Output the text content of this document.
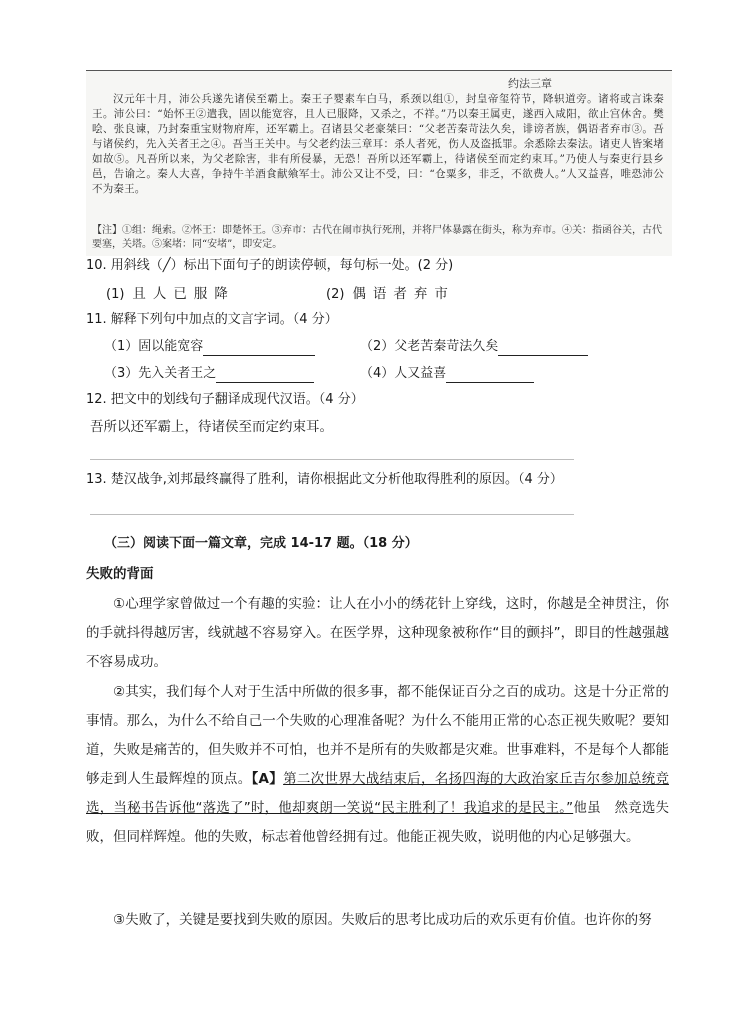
约法三章
汉元年十月，沛公兵遂先诸侯至霸上。秦王子婴素车白马，系颈以组①，封皇帝玺符节，降轵道旁。诸将或言诛秦王。沛公曰：“始怀王②遣我，固以能宽容，且人已服降，又杀之，不祥。”乃以秦王属吏，遂西入咸阳，欲止宫休舍。樊哙、张良谏，乃封秦重宝财物府库，还军霸上。召诸县父老豪桀曰：“父老苦秦苛法久矣，诽谤者族，偶语者弃市③。吾与诸侯约，先入关者王之④。吾当王关中。与父老约法三章耳：杀人者死，伤人及盗抵罪。余悉除去秦法。诸吏人皆案堵如故⑤。凡吾所以来，为父老除害，非有所侵暴，无恐！吾所以还军霸上，待诸侯至而定约束耳。”乃使人与秦吏行县乡邑，告谕之。秦人大喜，争持牛羊酒食献飨军士。沛公又让不受，曰：“仓粟多，非乏，不欲费人。”人又益喜，唯恐沛公不为秦王。
【注】①组：绳索。②怀王：即楚怀王。③弃市：古代在闹市执行死刑，并将尸体暴露在街头，称为弃市。④关：指函谷关，古代要塞，关塔。⑤案堵：同“安堵”，即安定。
10. 用斜线（╱）标出下面句子的朗读停顿，每句标一处。(2 分)
(1) 且人已服降	(2) 偶语者弃市
11. 解释下列句中加点的文言字词。（4 分）
（1）固以能宽容	（2）父老苦秦苛法久矣
（3）先入关者王之	（4）人又益喜
12. 把文中的划线句子翻译成现代汉语。（4 分）
吾所以还军霸上，待诸侯至而定约束耳。
13. 楚汉战争,刘邦最终赢得了胜利，请你根据此文分析他取得胜利的原因。（4 分）
（三）阅读下面一篇文章，完成 14-17 题。（18 分）
失败的背面
①心理学家曾做过一个有趣的实验：让人在小小的绣花针上穿线，这时，你越是全神贯注，你的手就抖得越厉害，线就越不容易穿入。在医学界，这种现象被称作“目的颤抖”，即目的性越强越不容易成功。
②其实，我们每个人对于生活中所做的很多事，都不能保证百分之百的成功。这是十分正常的事情。那么，为什么不给自己一个失败的心理准备呢？为什么不能用正常的心态正视失败呢？要知道，失败是痛苦的，但失败并不可怕，也并不是所有的失败都是灾难。世事难料，不是每个人都能够走到人生最辉煌的顶点。【A】第二次世界大战结束后，名扬四海的大政治家丘吉尔参加总统竞选，当秘书告诉他“落选了”时，他却爽朗一笑说“民主胜利了！我追求的是民主。”他虽　然竞选失败，但同样辉煌。他的失败，标志着他曾经拥有过。他能正视失败，说明他的内心足够强大。
③失败了，关键是要找到失败的原因。失败后的思考比成功后的欢乐更有价值。也许你的努
